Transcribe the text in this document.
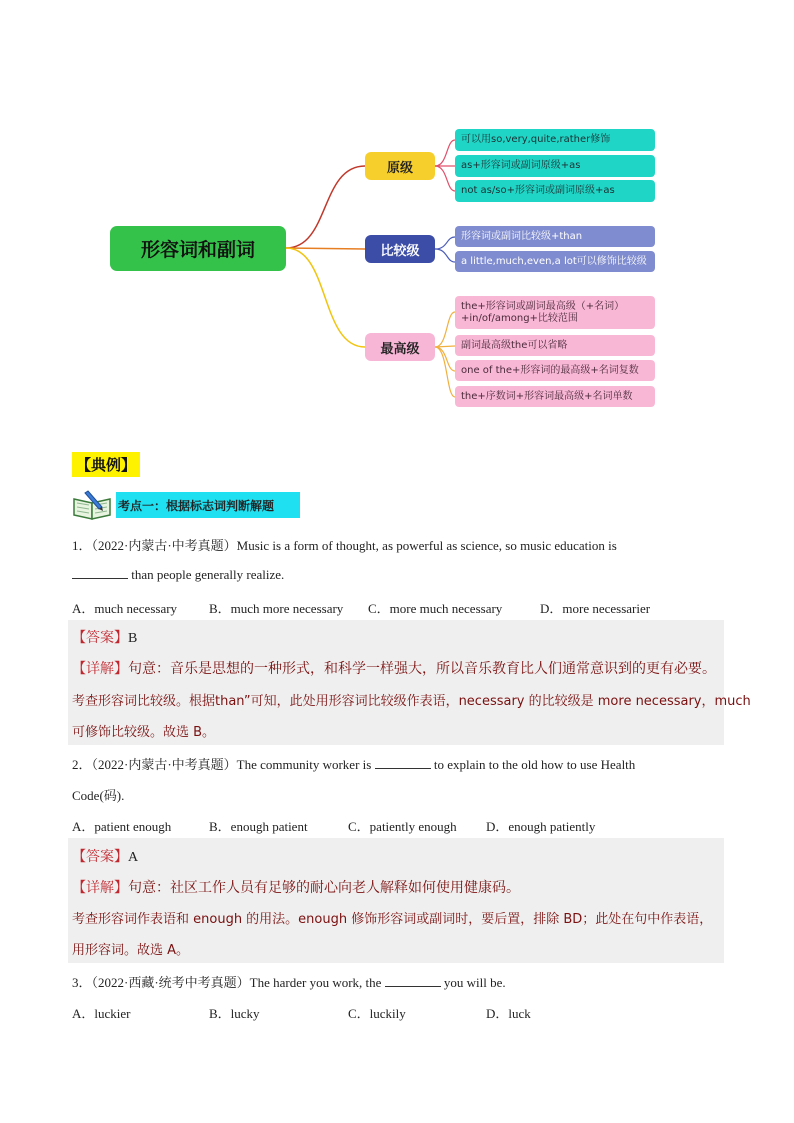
形容词和副词
原级
比较级
最高级
可以用so,very,quite,rather修饰
as+形容词或副词原级+as
not as/so+形容词或副词原级+as
形容词或副词比较级+than
a little,much,even,a lot可以修饰比较级
the+形容词或副词最高级（+名词）+in/of/among+比较范围
副词最高级the可以省略
one of the+形容词的最高级+名词复数
the+序数词+形容词最高级+名词单数
【典例】
考点一：根据标志词判断解题
1．（2022·内蒙古·中考真题）Music is a form of thought, as powerful as science, so music education is
than people generally realize.
A．much necessary B．much more necessary C．more much necessary	D．more necessarier
【答案】B
【详解】句意：音乐是思想的一种形式，和科学一样强大，所以音乐教育比人们通常意识到的更有必要。
考查形容词比较级。根据than”可知，此处用形容词比较级作表语，necessary 的比较级是 more necessary，much
可修饰比较级。故选 B。
2．（2022·内蒙古·中考真题）The community worker is	to explain to the old how to use Health
Code(码).
A．patient enough	B．enough patient	C．patiently enough D．enough patiently
【答案】A
【详解】句意：社区工作人员有足够的耐心向老人解释如何使用健康码。
考查形容词作表语和 enough 的用法。enough 修饰形容词或副词时，要后置，排除 BD；此处在句中作表语，
用形容词。故选 A。
3．（2022·西藏·统考中考真题）The harder you work, the	you will be.
A．luckier	B．lucky	C．luckily	D．luck
